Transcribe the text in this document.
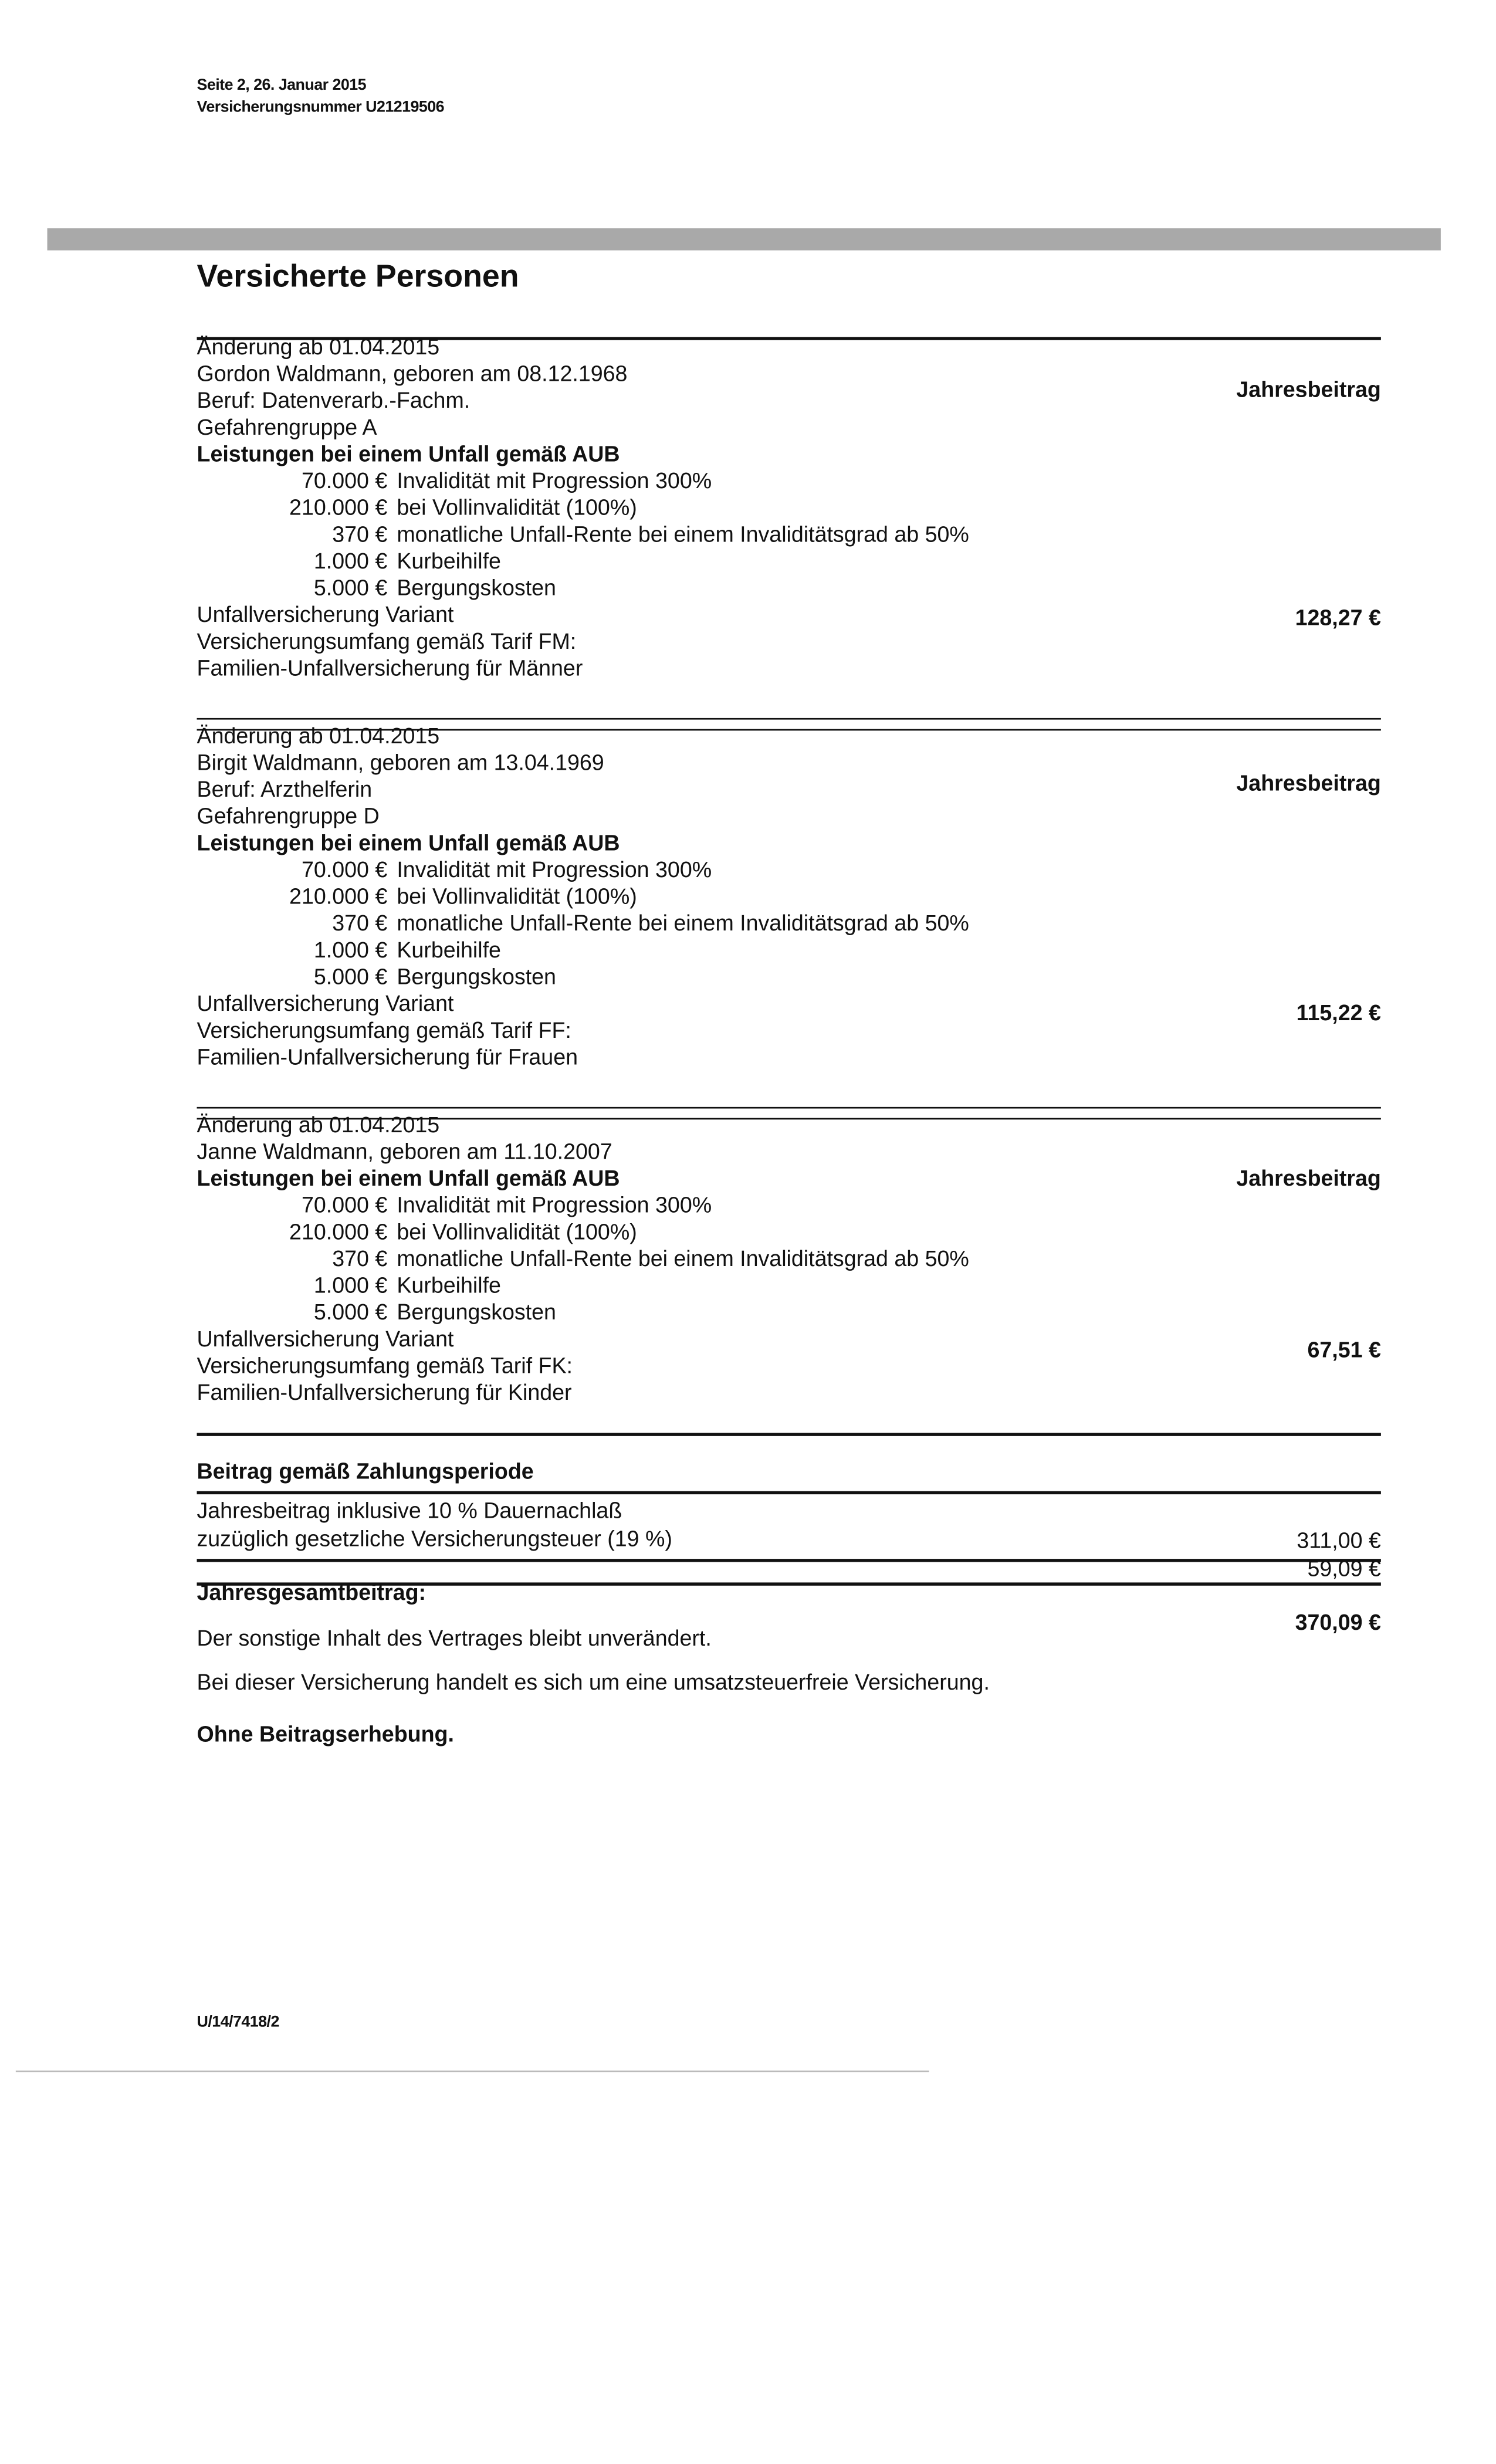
Seite 2, 26. Januar 2015
Versicherungsnummer U21219506
Versicherte Personen
Jahresbeitrag
128,27 €
Änderung ab 01.04.2015
Gordon Waldmann, geboren am 08.12.1968
Beruf: Datenverarb.-Fachm.
Gefahrengruppe A
Leistungen bei einem Unfall gemäß AUB
70.000 € Invalidität mit Progression 300%
210.000 € bei Vollinvalidität (100%)
370 € monatliche Unfall-Rente bei einem Invaliditätsgrad ab 50%
1.000 € Kurbeihilfe
5.000 € Bergungskosten
Unfallversicherung Variant
Versicherungsumfang gemäß Tarif FM:
Familien-Unfallversicherung für Männer
Jahresbeitrag
115,22 €
Änderung ab 01.04.2015
Birgit Waldmann, geboren am 13.04.1969
Beruf: Arzthelferin
Gefahrengruppe D
Leistungen bei einem Unfall gemäß AUB
70.000 € Invalidität mit Progression 300%
210.000 € bei Vollinvalidität (100%)
370 € monatliche Unfall-Rente bei einem Invaliditätsgrad ab 50%
1.000 € Kurbeihilfe
5.000 € Bergungskosten
Unfallversicherung Variant
Versicherungsumfang gemäß Tarif FF:
Familien-Unfallversicherung für Frauen
Jahresbeitrag
67,51 €
Änderung ab 01.04.2015
Janne Waldmann, geboren am 11.10.2007
Leistungen bei einem Unfall gemäß AUB
70.000 € Invalidität mit Progression 300%
210.000 € bei Vollinvalidität (100%)
370 € monatliche Unfall-Rente bei einem Invaliditätsgrad ab 50%
1.000 € Kurbeihilfe
5.000 € Bergungskosten
Unfallversicherung Variant
Versicherungsumfang gemäß Tarif FK:
Familien-Unfallversicherung für Kinder
Beitrag gemäß Zahlungsperiode
Jahresbeitrag inklusive 10 % Dauernachlaß
zuzüglich gesetzliche Versicherungsteuer (19 %)	311,00 €
59,09 €
Jahresgesamtbeitrag:
370,09 €
Der sonstige Inhalt des Vertrages bleibt unverändert.
Bei dieser Versicherung handelt es sich um eine umsatzsteuerfreie Versicherung.
Ohne Beitragserhebung.
U/14/7418/2
